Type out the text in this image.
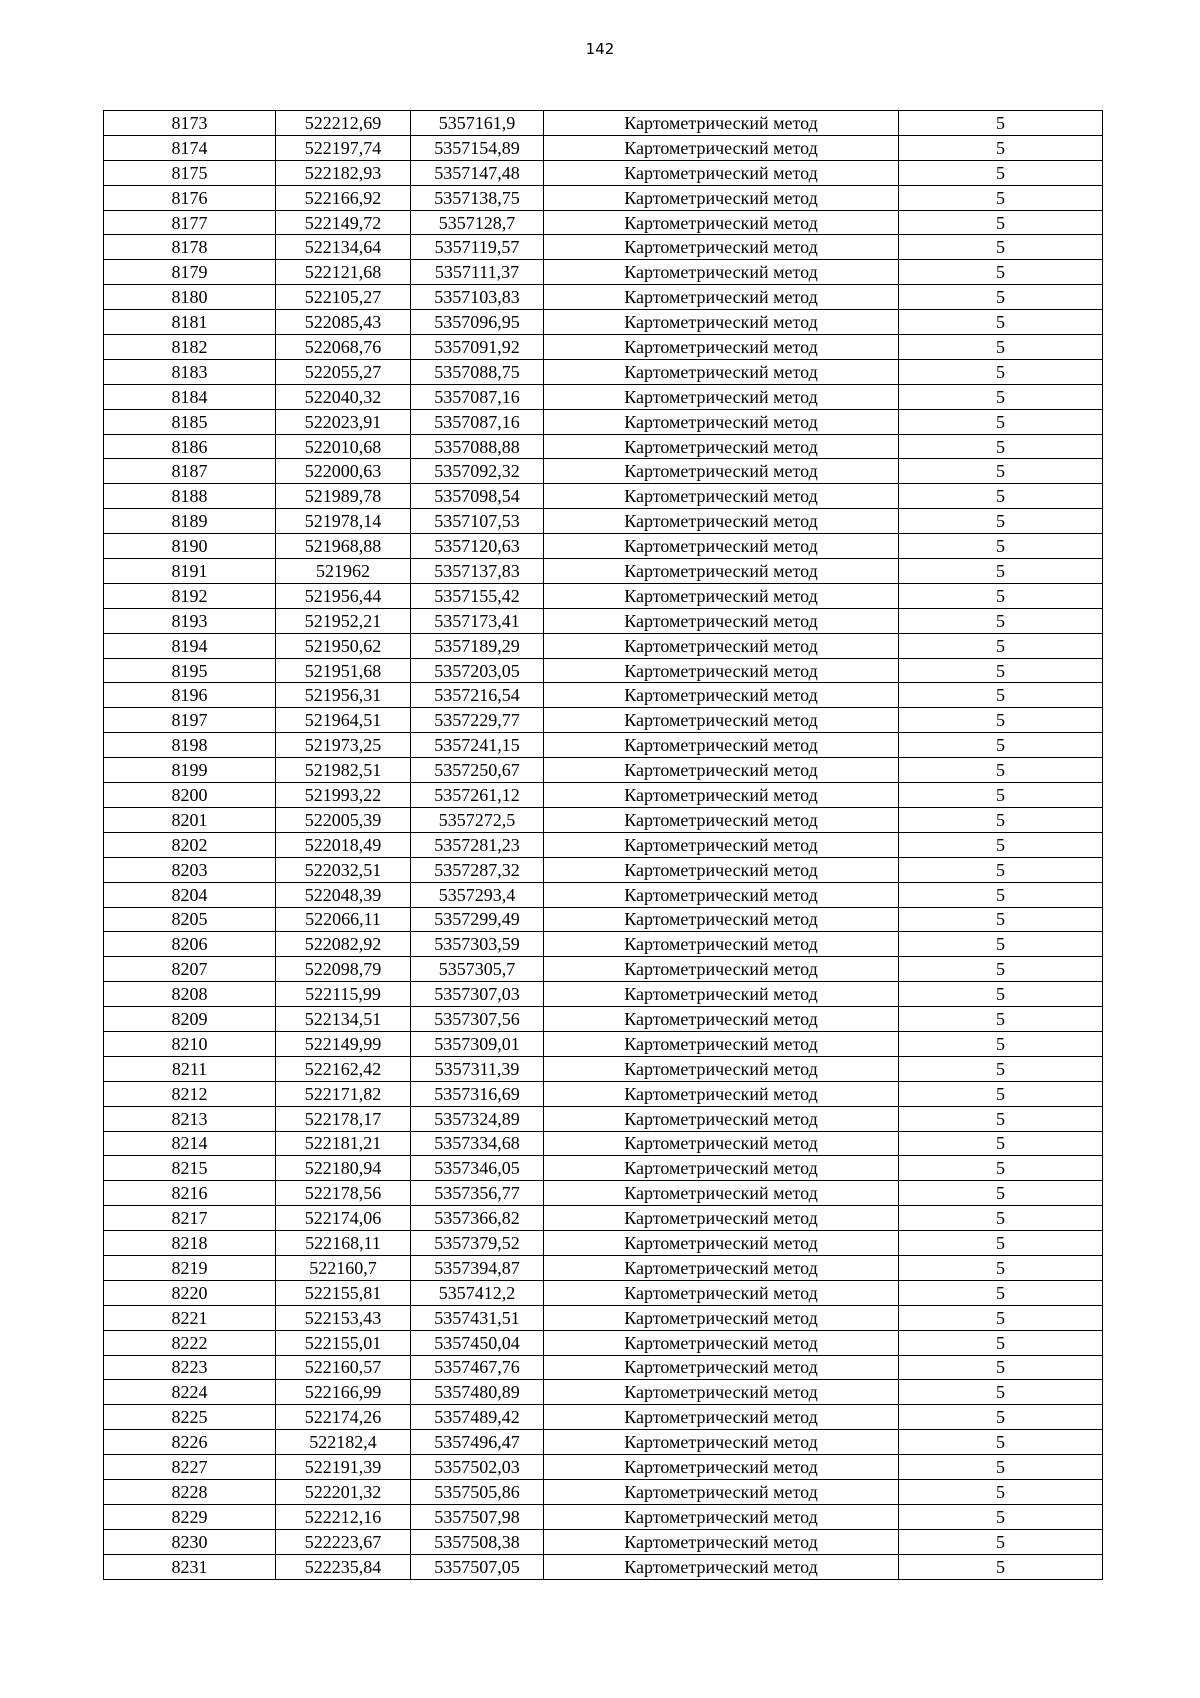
142
8173	522212,69	5357161,9	Картометрический метод	5
8174	522197,74	5357154,89	Картометрический метод	5
8175	522182,93	5357147,48	Картометрический метод	5
8176	522166,92	5357138,75	Картометрический метод	5
8177	522149,72	5357128,7	Картометрический метод	5
8178	522134,64	5357119,57	Картометрический метод	5
8179	522121,68	5357111,37	Картометрический метод	5
8180	522105,27	5357103,83	Картометрический метод	5
8181	522085,43	5357096,95	Картометрический метод	5
8182	522068,76	5357091,92	Картометрический метод	5
8183	522055,27	5357088,75	Картометрический метод	5
8184	522040,32	5357087,16	Картометрический метод	5
8185	522023,91	5357087,16	Картометрический метод	5
8186	522010,68	5357088,88	Картометрический метод	5
8187	522000,63	5357092,32	Картометрический метод	5
8188	521989,78	5357098,54	Картометрический метод	5
8189	521978,14	5357107,53	Картометрический метод	5
8190	521968,88	5357120,63	Картометрический метод	5
8191	521962	5357137,83	Картометрический метод	5
8192	521956,44	5357155,42	Картометрический метод	5
8193	521952,21	5357173,41	Картометрический метод	5
8194	521950,62	5357189,29	Картометрический метод	5
8195	521951,68	5357203,05	Картометрический метод	5
8196	521956,31	5357216,54	Картометрический метод	5
8197	521964,51	5357229,77	Картометрический метод	5
8198	521973,25	5357241,15	Картометрический метод	5
8199	521982,51	5357250,67	Картометрический метод	5
8200	521993,22	5357261,12	Картометрический метод	5
8201	522005,39	5357272,5	Картометрический метод	5
8202	522018,49	5357281,23	Картометрический метод	5
8203	522032,51	5357287,32	Картометрический метод	5
8204	522048,39	5357293,4	Картометрический метод	5
8205	522066,11	5357299,49	Картометрический метод	5
8206	522082,92	5357303,59	Картометрический метод	5
8207	522098,79	5357305,7	Картометрический метод	5
8208	522115,99	5357307,03	Картометрический метод	5
8209	522134,51	5357307,56	Картометрический метод	5
8210	522149,99	5357309,01	Картометрический метод	5
8211	522162,42	5357311,39	Картометрический метод	5
8212	522171,82	5357316,69	Картометрический метод	5
8213	522178,17	5357324,89	Картометрический метод	5
8214	522181,21	5357334,68	Картометрический метод	5
8215	522180,94	5357346,05	Картометрический метод	5
8216	522178,56	5357356,77	Картометрический метод	5
8217	522174,06	5357366,82	Картометрический метод	5
8218	522168,11	5357379,52	Картометрический метод	5
8219	522160,7	5357394,87	Картометрический метод	5
8220	522155,81	5357412,2	Картометрический метод	5
8221	522153,43	5357431,51	Картометрический метод	5
8222	522155,01	5357450,04	Картометрический метод	5
8223	522160,57	5357467,76	Картометрический метод	5
8224	522166,99	5357480,89	Картометрический метод	5
8225	522174,26	5357489,42	Картометрический метод	5
8226	522182,4	5357496,47	Картометрический метод	5
8227	522191,39	5357502,03	Картометрический метод	5
8228	522201,32	5357505,86	Картометрический метод	5
8229	522212,16	5357507,98	Картометрический метод	5
8230	522223,67	5357508,38	Картометрический метод	5
8231	522235,84	5357507,05	Картометрический метод	5
